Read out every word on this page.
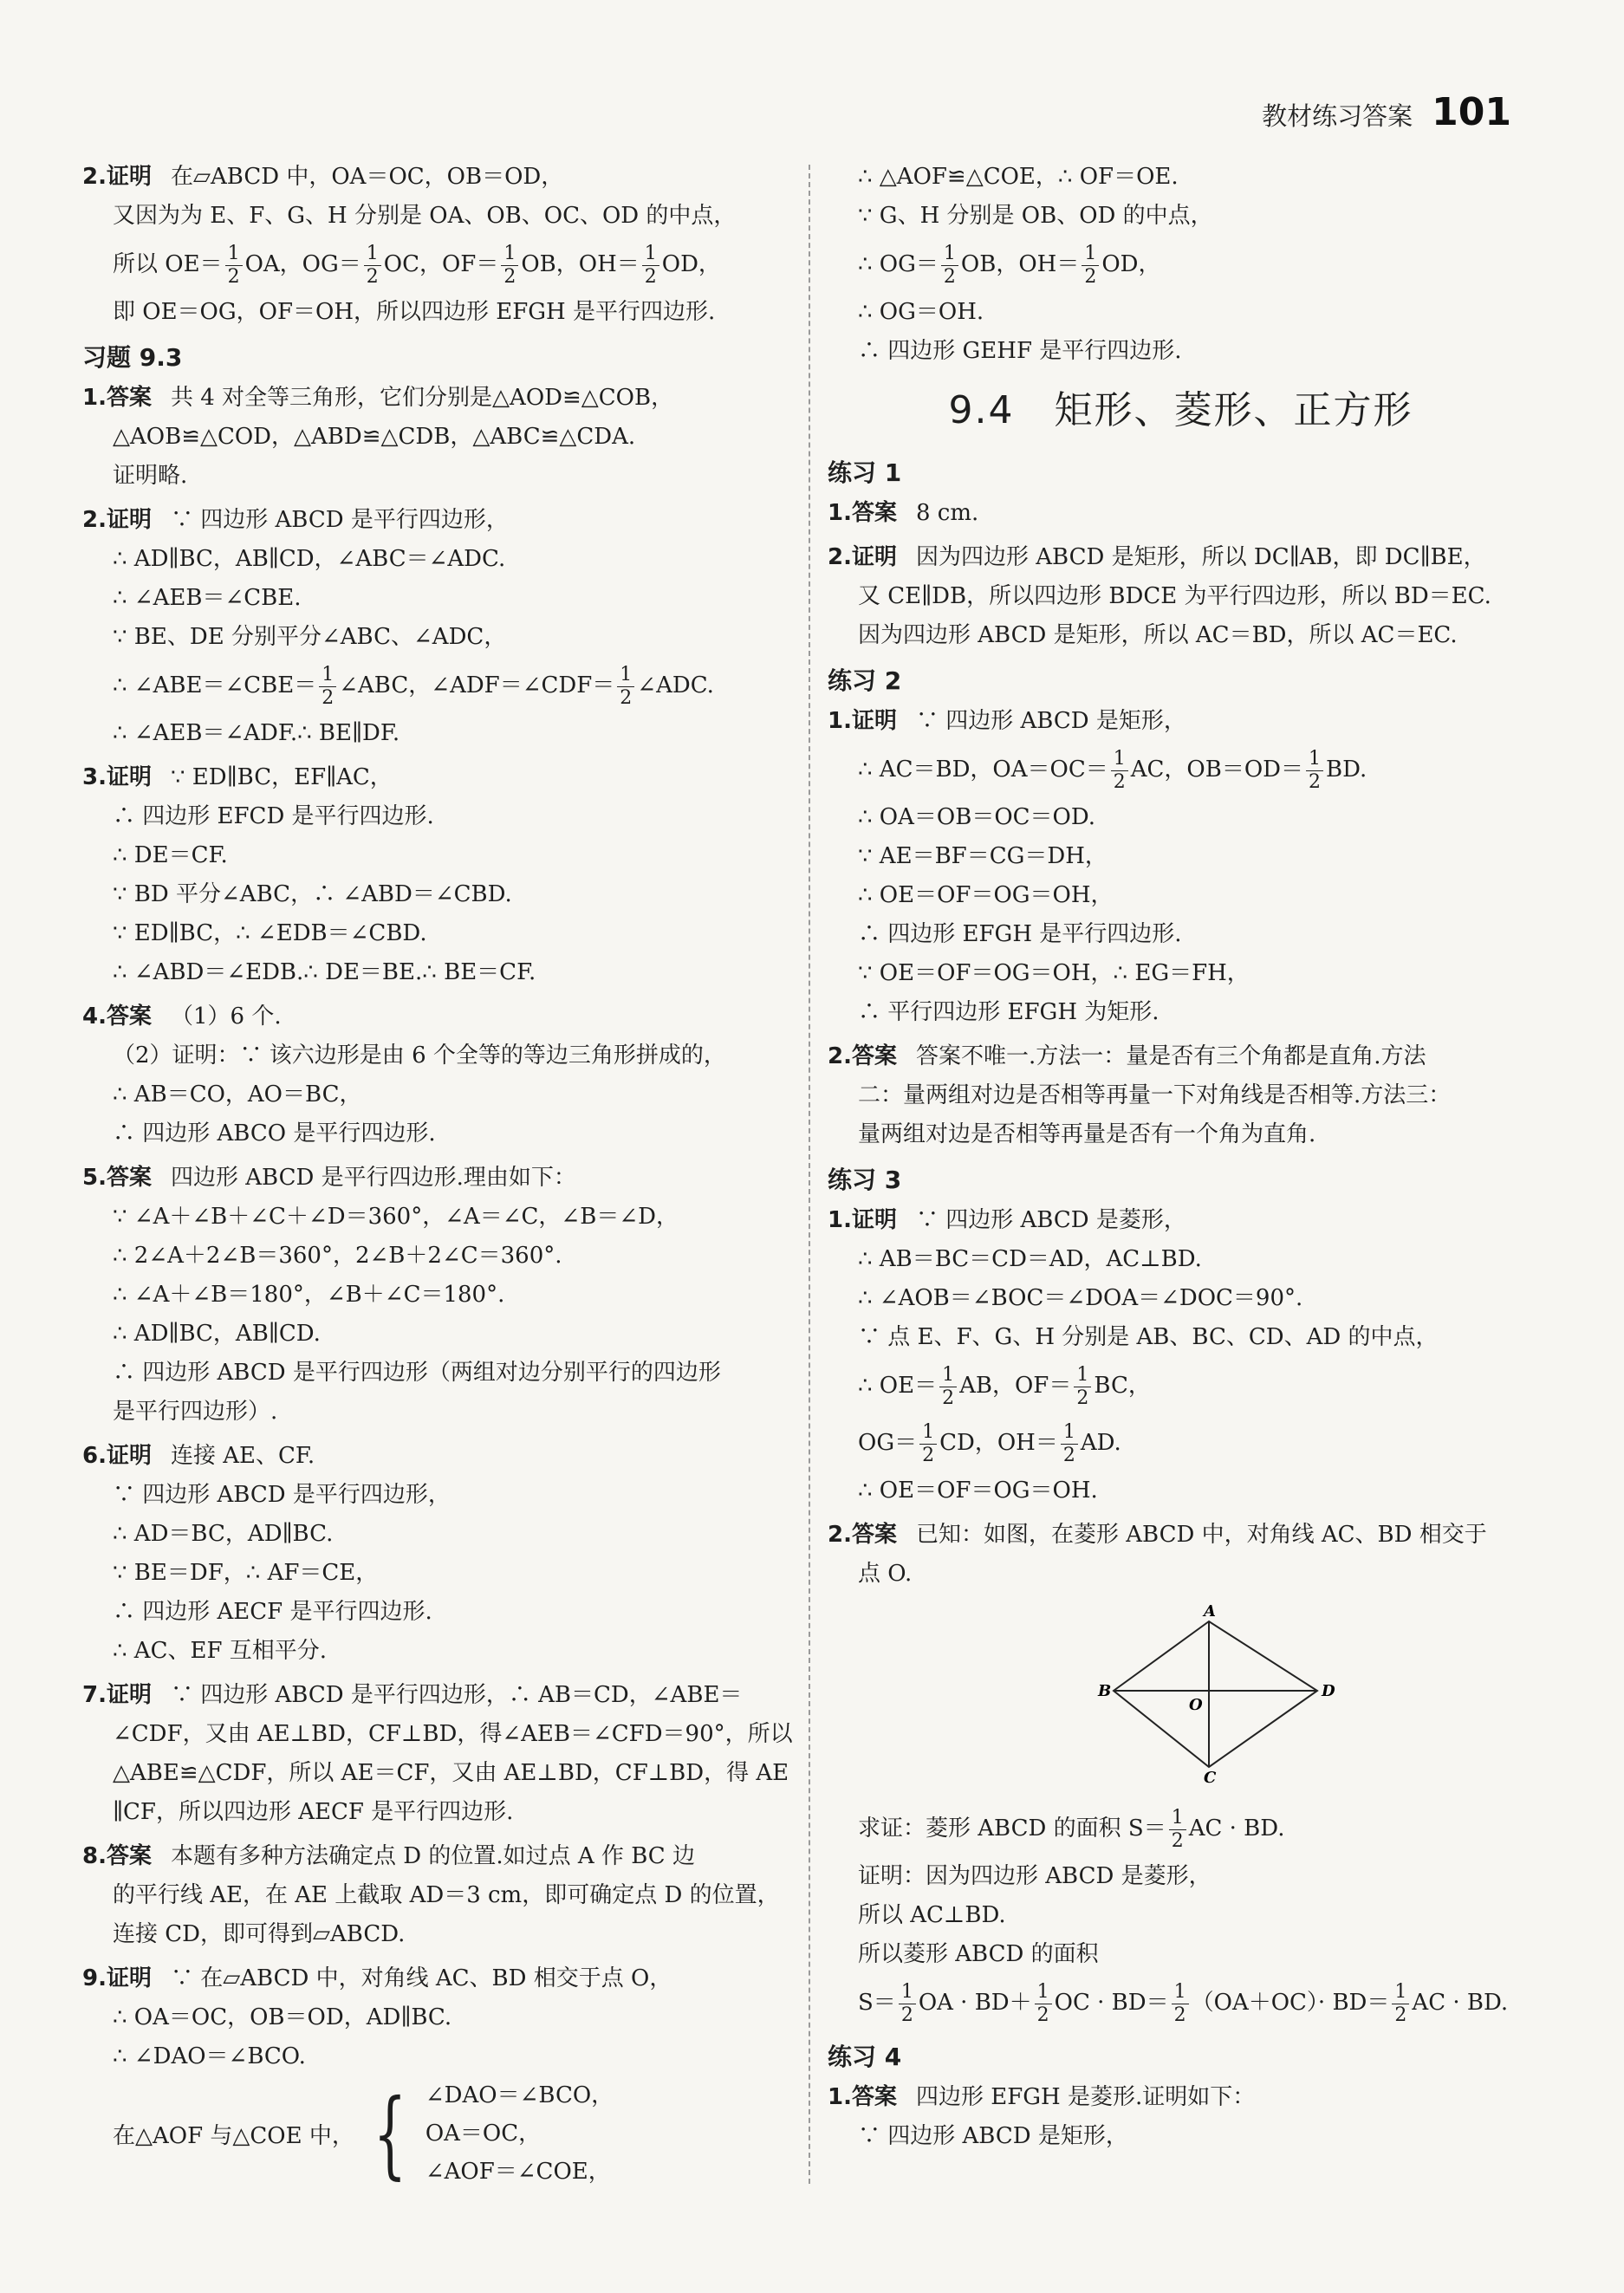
教材练习答案 101
2.证明 在▱ABCD 中，OA＝OC，OB＝OD，
又因为为 E、F、G、H 分别是 OA、OB、OC、OD 的中点，
所以 $OE= \frac{1}{2}$ OA，$OG= \frac{1}{2}$ OC，$OF= \frac{1}{2}$ OB，$OH= \frac{1}{2}$ OD，
即 OE＝OG，OF＝OH，所以四边形 EFGH 是平行四边形.
习题 9.3
1.答案 共 4 对全等三角形，它们分别是△AOD≌△COB，
△AOB≌△COD，△ABD≌△CDB，△ABC≌△CDA.
证明略.
2.证明 ∵ 四边形 ABCD 是平行四边形，
∴ AD∥BC，AB∥CD，∠ABC＝∠ADC.
∴ ∠AEB＝∠CBE.
∵ BE、DE 分别平分∠ABC、∠ADC，
∴ ∠ABE＝∠CBE＝ $\frac{1}{2}$ ∠ABC，∠ADF＝∠CDF＝ $\frac{1}{2}$ ∠ADC.
∴ ∠AEB＝∠ADF.∴ BE∥DF.
3.证明 ∵ ED∥BC，EF∥AC，
∴ 四边形 EFCD 是平行四边形.
∴ DE＝CF.
∵ BD 平分∠ABC，∴ ∠ABD＝∠CBD.
∵ ED∥BC，∴ ∠EDB＝∠CBD.
∴ ∠ABD＝∠EDB.∴ DE＝BE.∴ BE＝CF.
4.答案 （1）6 个.
（2）证明：∵ 该六边形是由 6 个全等的等边三角形拼成的，
∴ AB＝CO，AO＝BC，
∴ 四边形 ABCO 是平行四边形.
5.答案 四边形 ABCD 是平行四边形.理由如下：
∵ ∠A＋∠B＋∠C＋∠D＝360°，∠A＝∠C，∠B＝∠D，
∴ 2∠A＋2∠B＝360°，2∠B＋2∠C＝360°.
∴ ∠A＋∠B＝180°，∠B＋∠C＝180°.
∴ AD∥BC，AB∥CD.
∴ 四边形 ABCD 是平行四边形（两组对边分别平行的四边形
是平行四边形）.
6.证明 连接 AE、CF.
∵ 四边形 ABCD 是平行四边形，
∴ AD＝BC，AD∥BC.
∵ BE＝DF，∴ AF＝CE，
∴ 四边形 AECF 是平行四边形.
∴ AC、EF 互相平分.
7.证明 ∵ 四边形 ABCD 是平行四边形，∴ AB＝CD，∠ABE＝
∠CDF，又由 AE⊥BD，CF⊥BD，得∠AEB＝∠CFD＝90°，所以
△ABE≌△CDF，所以 AE＝CF，又由 AE⊥BD，CF⊥BD，得 AE
∥CF，所以四边形 AECF 是平行四边形.
8.答案 本题有多种方法确定点 D 的位置.如过点 A 作 BC 边
的平行线 AE，在 AE 上截取 AD＝3 cm，即可确定点 D 的位置，
连接 CD，即可得到▱ABCD.
9.证明 ∵ 在▱ABCD 中，对角线 AC、BD 相交于点 O，
∴ OA＝OC，OB＝OD，AD∥BC.
∴ ∠DAO＝∠BCO.
在△AOF 与△COE 中， { ∠DAO＝∠BCO，
OA＝OC，
∠AOF＝∠COE，
∴ △AOF≌△COE，∴ OF＝OE.
∵ G、H 分别是 OB、OD 的中点，
∴ $OG= \frac{1}{2}$ OB，$OH= \frac{1}{2}$ OD，
∴ OG＝OH.
∴ 四边形 GEHF 是平行四边形.
9.4　矩形、菱形、正方形
练习 1
1.答案 8 cm.
2.证明 因为四边形 ABCD 是矩形，所以 DC∥AB，即 DC∥BE，
又 CE∥DB，所以四边形 BDCE 为平行四边形，所以 BD＝EC.
因为四边形 ABCD 是矩形，所以 AC＝BD，所以 AC＝EC.
练习 2
1.证明 ∵ 四边形 ABCD 是矩形，
∴ AC＝BD，$OA=OC= \frac{1}{2}$ AC，$OB=OD= \frac{1}{2}$ BD.
∴ OA＝OB＝OC＝OD.
∵ AE＝BF＝CG＝DH，
∴ OE＝OF＝OG＝OH，
∴ 四边形 EFGH 是平行四边形.
∵ OE＝OF＝OG＝OH，∴ EG＝FH，
∴ 平行四边形 EFGH 为矩形.
2.答案 答案不唯一.方法一：量是否有三个角都是直角.方法
二：量两组对边是否相等再量一下对角线是否相等.方法三：
量两组对边是否相等再量是否有一个角为直角.
练习 3
1.证明 ∵ 四边形 ABCD 是菱形，
∴ AB＝BC＝CD＝AD，AC⊥BD.
∴ ∠AOB＝∠BOC＝∠DOA＝∠DOC＝90°.
∵ 点 E、F、G、H 分别是 AB、BC、CD、AD 的中点，
∴ $OE= \frac{1}{2}$ AB，$OF= \frac{1}{2}$ BC，
$OG= \frac{1}{2}$ CD，$OH= \frac{1}{2}$ AD.
∴ OE＝OF＝OG＝OH.
2.答案 已知：如图，在菱形 ABCD 中，对角线 AC、BD 相交于
点 O.
A
B
C
D
O
求证：菱形 ABCD 的面积 $S= \frac{1}{2}$ AC · BD.
证明：因为四边形 ABCD 是菱形，
所以 AC⊥BD.
所以菱形 ABCD 的面积
$S= \frac{1}{2}$ OA · $BD+ \frac{1}{2}$ OC · $BD= \frac{1}{2} (OA+OC)\cdot BD= \frac{1}{2}$ AC · BD.
练习 4
1.答案 四边形 EFGH 是菱形.证明如下：
∵ 四边形 ABCD 是矩形，
